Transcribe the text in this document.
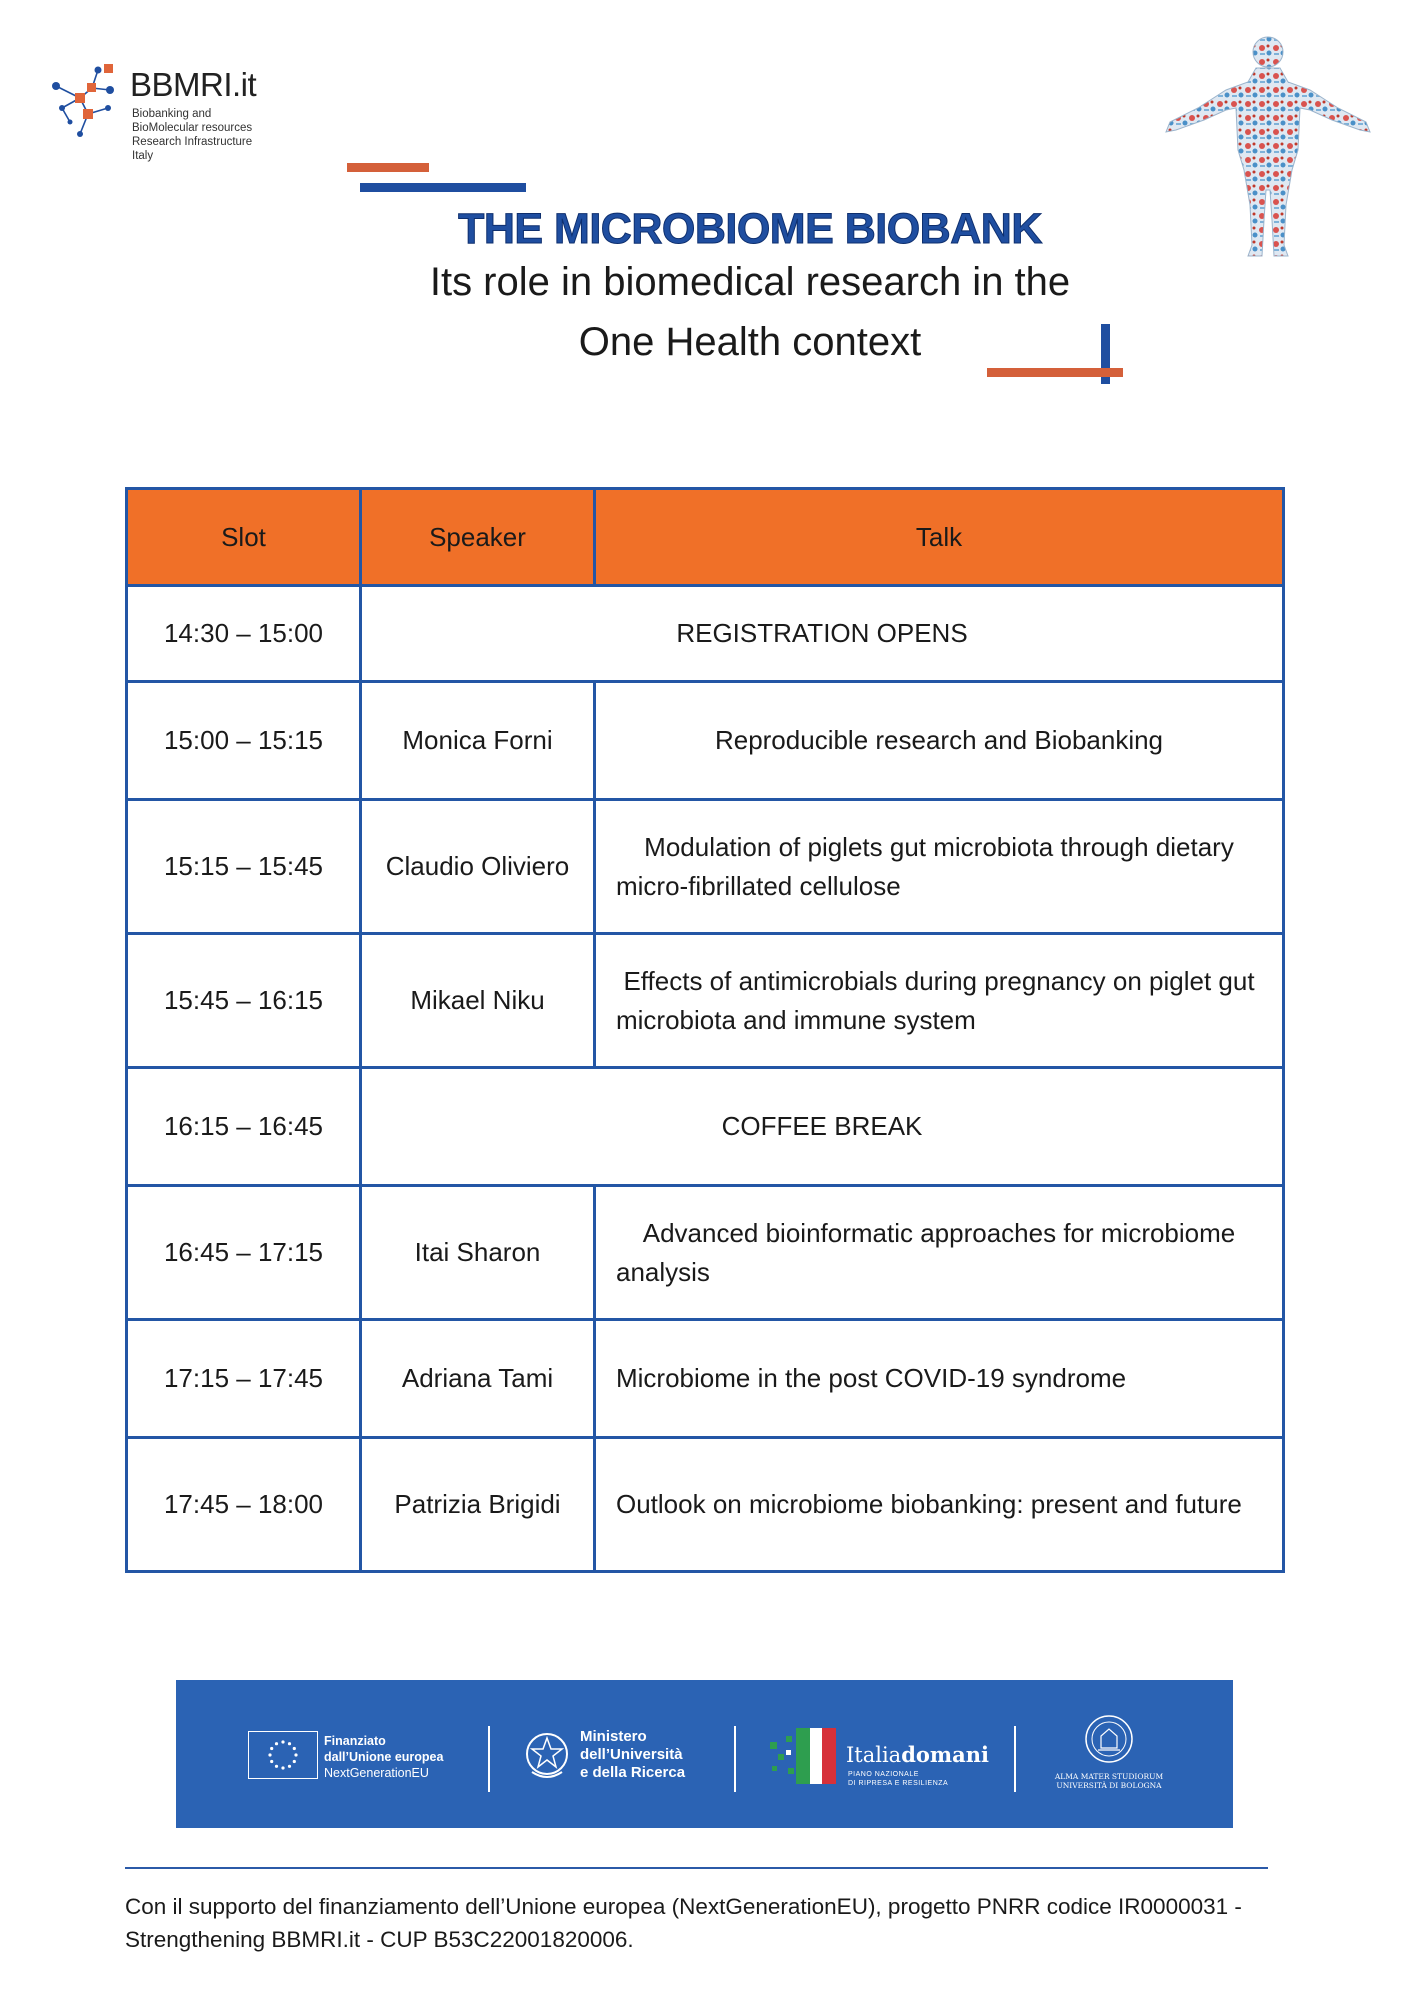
BBMRI.it
Biobanking and
BioMolecular resources
Research Infrastructure
Italy
THE MICROBIOME BIOBANK
Its role in biomedical research in the
One Health context
Slot	Speaker	Talk
14:30 – 15:00	REGISTRATION OPENS	
15:00 – 15:15	Monica Forni	Reproducible research and Biobanking
15:15 – 15:45	Claudio Oliviero	Modulation of piglets gut microbiota through dietary micro-fibrillated cellulose
15:45 – 16:15	Mikael Niku	Effects of antimicrobials during pregnancy on piglet gut microbiota and immune system
16:15 – 16:45	COFFEE BREAK	
16:45 – 17:15	Itai Sharon	Advanced bioinformatic approaches for microbiome analysis
17:15 – 17:45	Adriana Tami	Microbiome in the post COVID-19 syndrome
17:45 – 18:00	Patrizia Brigidi	Outlook on microbiome biobanking: present and future
Finanziato
dall’Unione europea
NextGenerationEU
Ministero
dell’Università
e della Ricerca
Italiadomani
PIANO NAZIONALE
DI RIPRESA E RESILIENZA
ALMA MATER STUDIORUM
UNIVERSITÀ DI BOLOGNA
Con il supporto del finanziamento dell’Unione europea (NextGenerationEU), progetto PNRR codice IR0000031 - Strengthening BBMRI.it - CUP B53C22001820006.
